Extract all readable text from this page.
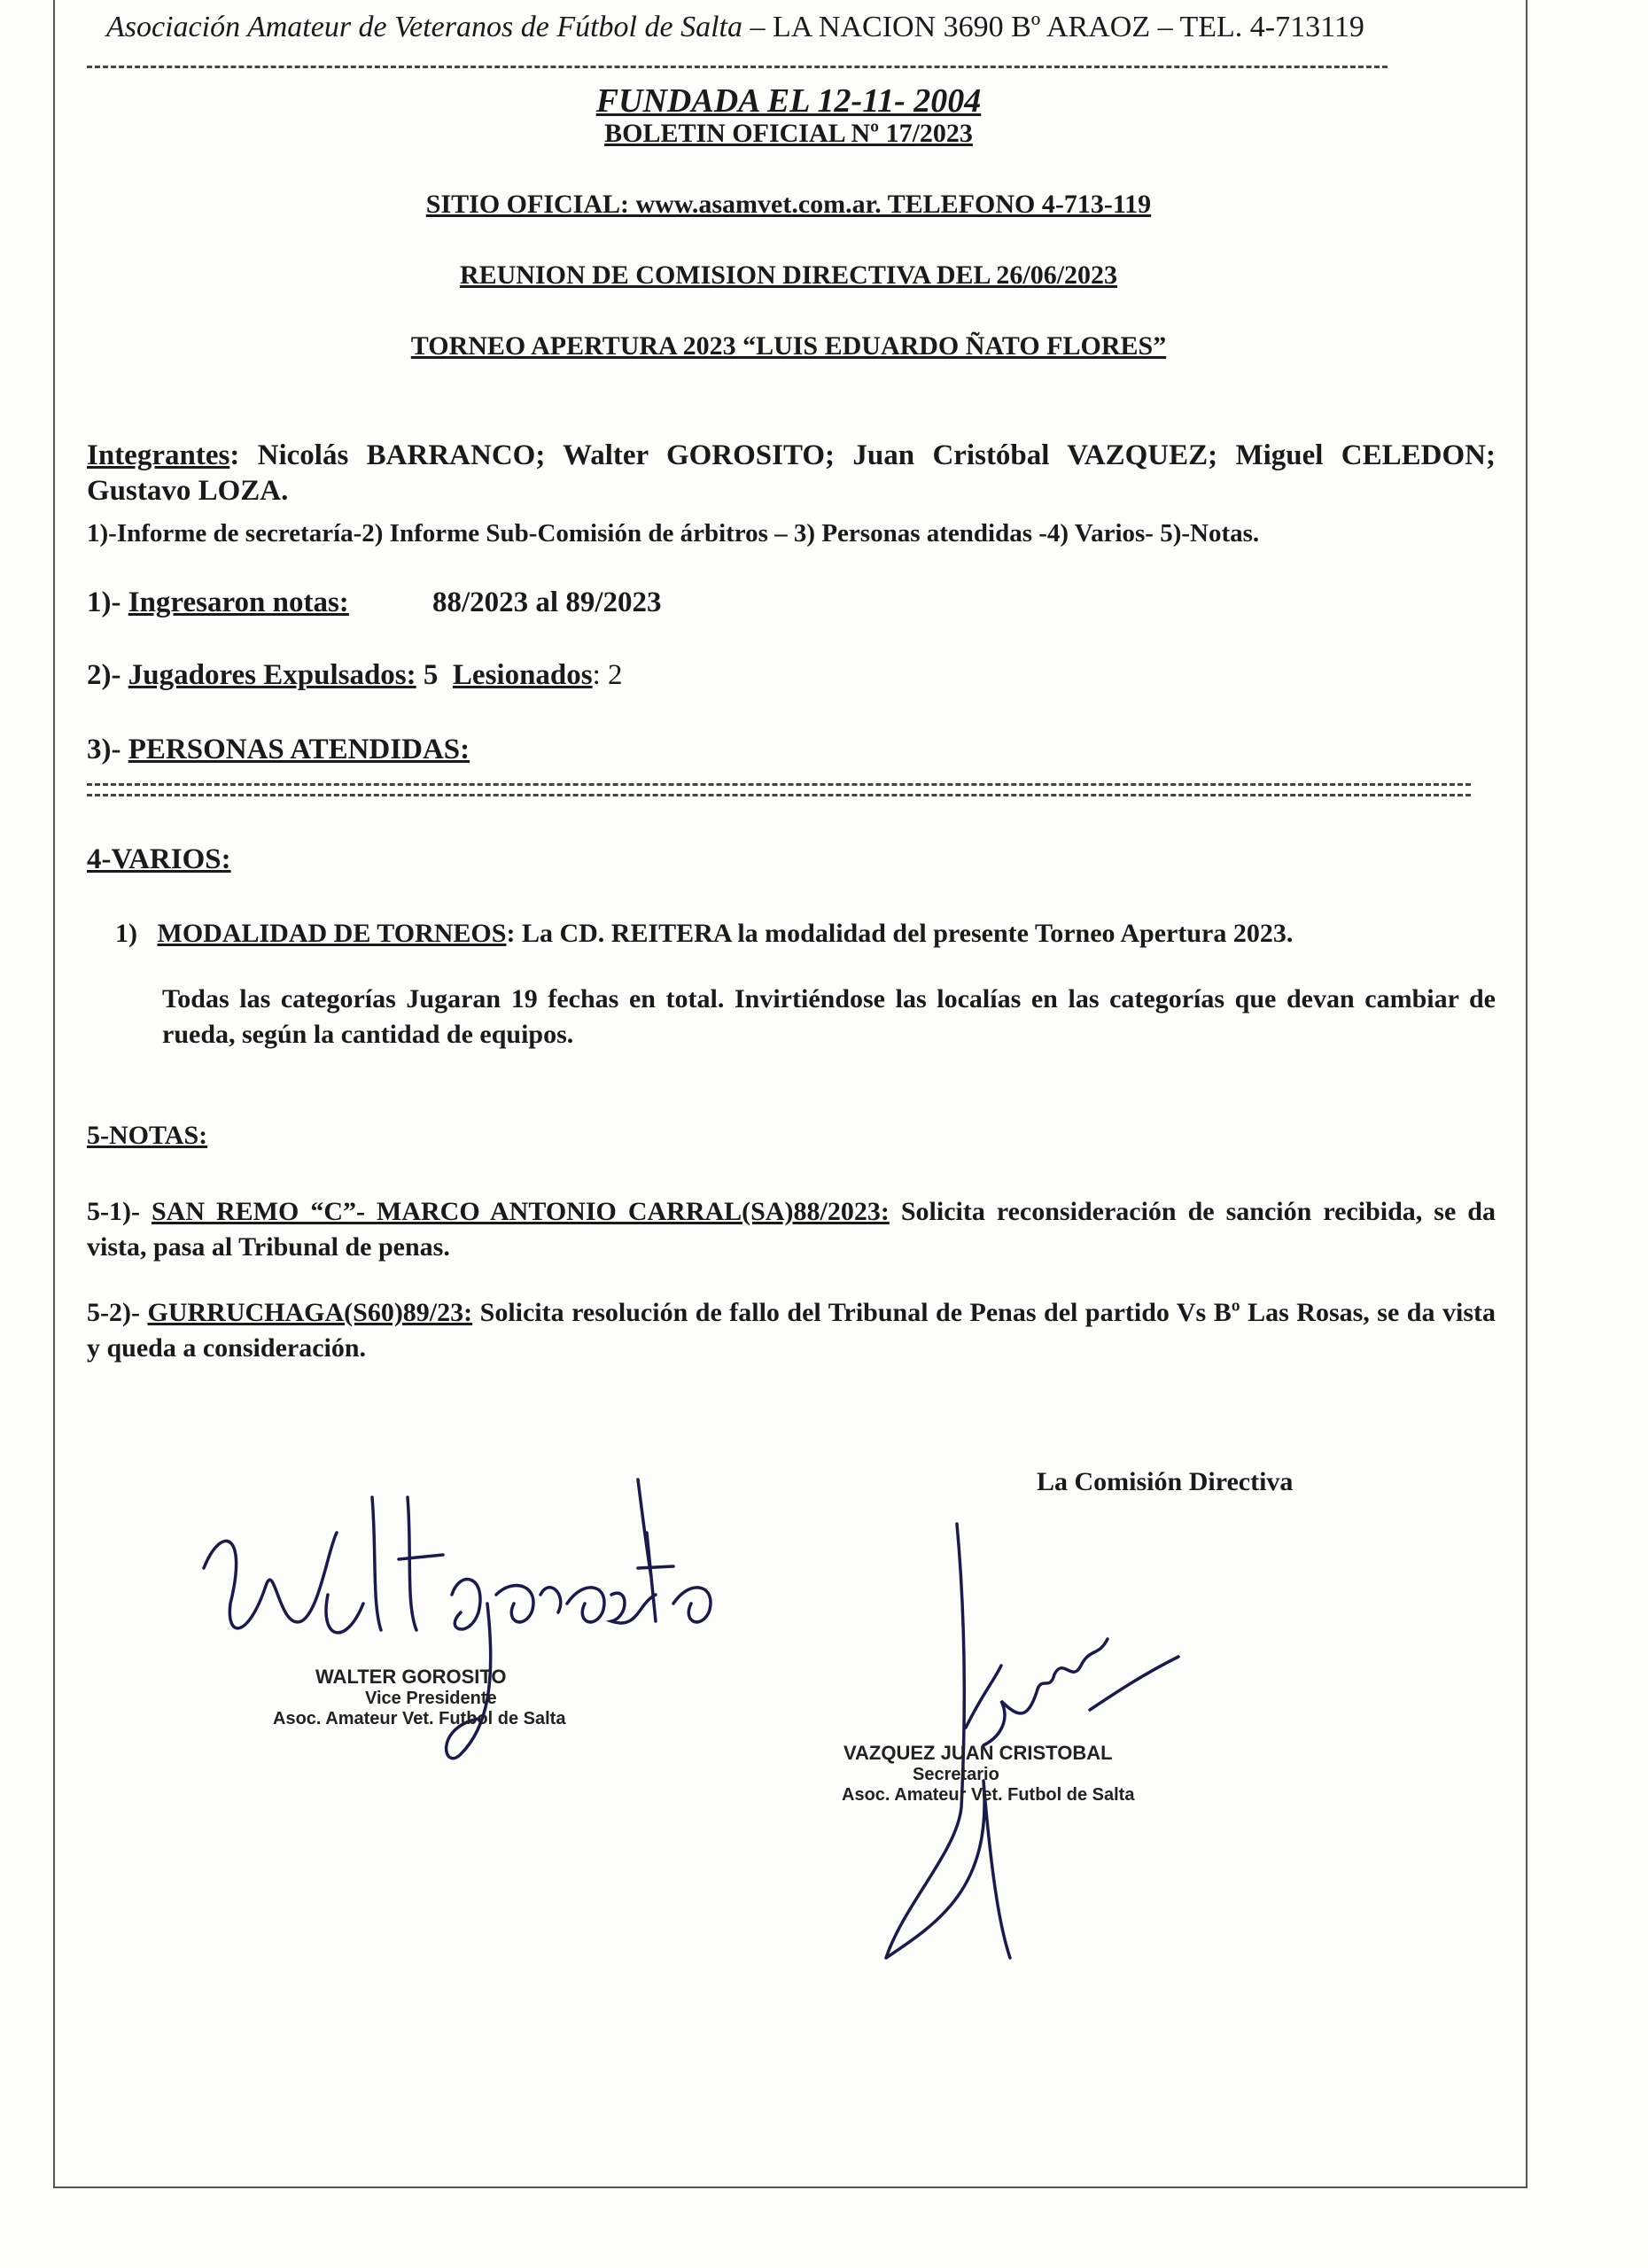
Asociación Amateur de Veteranos de Fútbol de Salta – LA NACION 3690 Bº ARAOZ – TEL. 4-713119
FUNDADA EL 12-11- 2004
BOLETIN OFICIAL Nº 17/2023
SITIO OFICIAL: www.asamvet.com.ar. TELEFONO 4-713-119
REUNION DE COMISION DIRECTIVA DEL 26/06/2023
TORNEO APERTURA 2023 “LUIS EDUARDO ÑATO FLORES”
Integrantes: Nicolás BARRANCO; Walter GOROSITO; Juan Cristóbal VAZQUEZ; Miguel CELEDON; Gustavo LOZA.
1)-Informe de secretaría-2) Informe Sub-Comisión de árbitros – 3) Personas atendidas -4) Varios- 5)-Notas.
1)- Ingresaron notas:	88/2023 al 89/2023
2)- Jugadores Expulsados: 5 Lesionados: 2
3)- PERSONAS ATENDIDAS:
4-VARIOS:
1) MODALIDAD DE TORNEOS: La CD. REITERA la modalidad del presente Torneo Apertura 2023.
Todas las categorías Jugaran 19 fechas en total. Invirtiéndose las localías en las categorías que devan cambiar de rueda, según la cantidad de equipos.
5-NOTAS:
5-1)- SAN REMO “C”- MARCO ANTONIO CARRAL(SA)88/2023: Solicita reconsideración de sanción recibida, se da vista, pasa al Tribunal de penas.
5-2)- GURRUCHAGA(S60)89/23: Solicita resolución de fallo del Tribunal de Penas del partido Vs Bº Las Rosas, se da vista y queda a consideración.
La Comisión Directiva
WALTER GOROSITO
Vice Presidente
Asoc. Amateur Vet. Futbol de Salta
VAZQUEZ JUAN CRISTOBAL
Secretario
Asoc. Amateur Vet. Futbol de Salta
